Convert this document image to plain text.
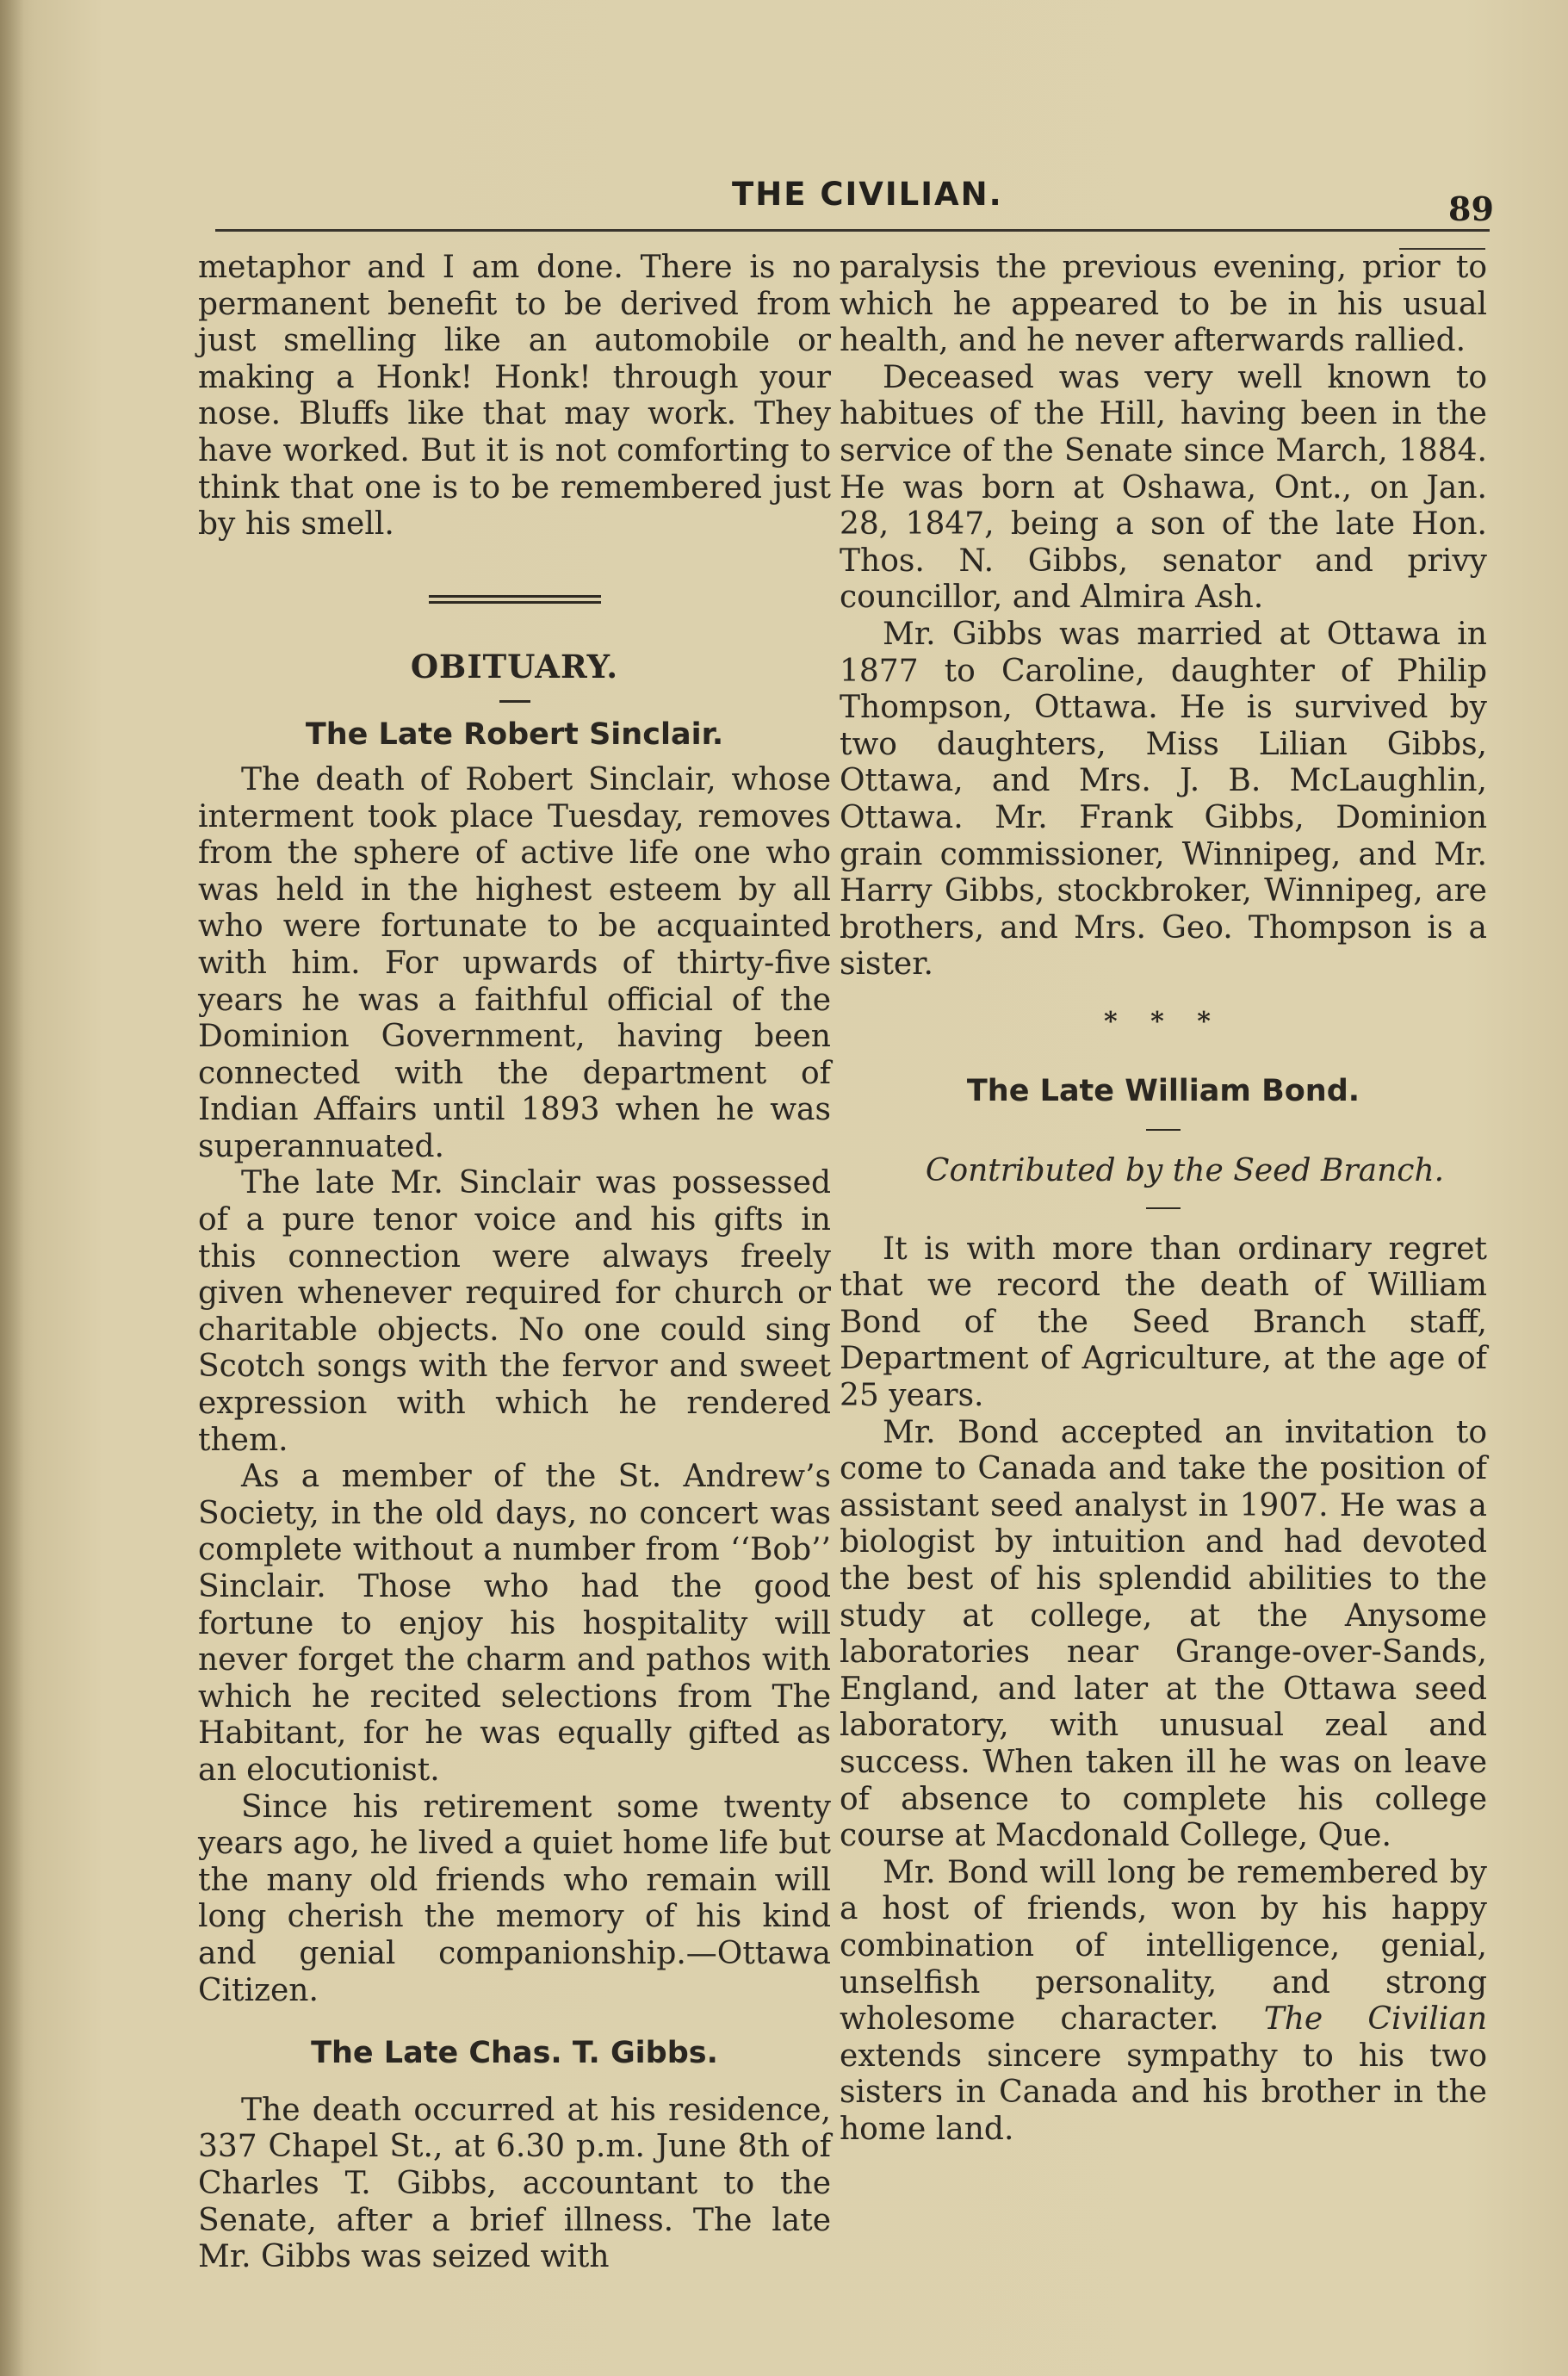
THE CIVILIAN.	89

metaphor and I am done. There is no permanent benefit to be derived from just smelling like an automobile or making a Honk! Honk! through your nose. Bluffs like that may work. They have worked. But it is not comforting to think that one is to be remembered just by his smell.

OBITUARY.
The Late Robert Sinclair.

The death of Robert Sinclair, whose interment took place Tuesday, removes from the sphere of active life one who was held in the highest esteem by all who were fortunate to be acquainted with him. For upwards of thirty-five years he was a faithful official of the Dominion Government, having been connected with the department of Indian Affairs until 1893 when he was superannuated.

The late Mr. Sinclair was possessed of a pure tenor voice and his gifts in this connection were always freely given whenever required for church or charitable objects. No one could sing Scotch songs with the fervor and sweet expression with which he rendered them.

As a member of the St. Andrew’s Society, in the old days, no concert was complete without a number from ‘‘Bob’’ Sinclair. Those who had the good fortune to enjoy his hospitality will never forget the charm and pathos with which he recited selections from The Habitant, for he was equally gifted as an elocutionist.

Since his retirement some twenty years ago, he lived a quiet home life but the many old friends who remain will long cherish the memory of his kind and genial companionship.—Ottawa Citizen.

The Late Chas. T. Gibbs.

The death occurred at his residence, 337 Chapel St., at 6.30 p.m. June 8th of Charles T. Gibbs, accountant to the Senate, after a brief illness. The late Mr. Gibbs was seized with

paralysis the previous evening, prior to which he appeared to be in his usual health, and he never afterwards rallied.

Deceased was very well known to habitues of the Hill, having been in the service of the Senate since March, 1884. He was born at Oshawa, Ont., on Jan. 28, 1847, being a son of the late Hon. Thos. N. Gibbs, senator and privy councillor, and Almira Ash.

Mr. Gibbs was married at Ottawa in 1877 to Caroline, daughter of Philip Thompson, Ottawa. He is survived by two daughters, Miss Lilian Gibbs, Ottawa, and Mrs. J. B. McLaughlin, Ottawa. Mr. Frank Gibbs, Dominion grain commissioner, Winnipeg, and Mr. Harry Gibbs, stockbroker, Winnipeg, are brothers, and Mrs. Geo. Thompson is a sister.

* * *
The Late William Bond.

Contributed by the Seed Branch.

It is with more than ordinary regret that we record the death of William Bond of the Seed Branch staff, Department of Agriculture, at the age of 25 years.

Mr. Bond accepted an invitation to come to Canada and take the position of assistant seed analyst in 1907. He was a biologist by intuition and had devoted the best of his splendid abilities to the study at college, at the Anysome laboratories near Grange-over-Sands, England, and later at the Ottawa seed laboratory, with unusual zeal and success. When taken ill he was on leave of absence to complete his college course at Macdonald College, Que.

Mr. Bond will long be remembered by a host of friends, won by his happy combination of intelligence, genial, unselfish personality, and strong wholesome character. The Civilian extends sincere sympathy to his two sisters in Canada and his brother in the home land.
